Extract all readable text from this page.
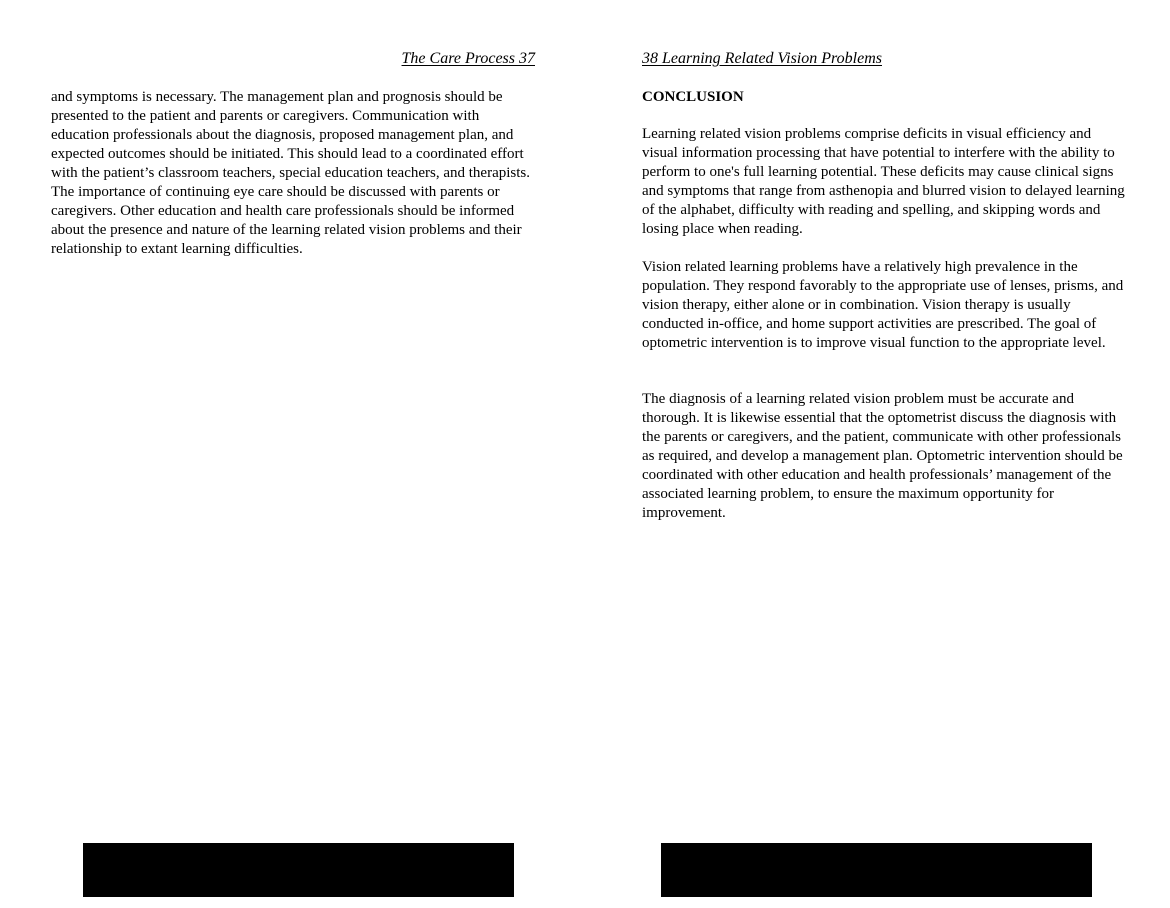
The Care Process 37

and symptoms is necessary. The management plan and prognosis should be presented to the patient and parents or caregivers. Communication with education professionals about the diagnosis, proposed management plan, and expected outcomes should be initiated. This should lead to a coordinated effort with the patient’s classroom teachers, special education teachers, and therapists. The importance of continuing eye care should be discussed with parents or caregivers. Other education and health care professionals should be informed about the presence and nature of the learning related vision problems and their relationship to extant learning difficulties.

38 Learning Related Vision Problems
CONCLUSION

Learning related vision problems comprise deficits in visual efficiency and visual information processing that have potential to interfere with the ability to perform to one's full learning potential. These deficits may cause clinical signs and symptoms that range from asthenopia and blurred vision to delayed learning of the alphabet, difficulty with reading and spelling, and skipping words and losing place when reading.

Vision related learning problems have a relatively high prevalence in the population. They respond favorably to the appropriate use of lenses, prisms, and vision therapy, either alone or in combination. Vision therapy is usually conducted in-office, and home support activities are prescribed. The goal of optometric intervention is to improve visual function to the appropriate level.

The diagnosis of a learning related vision problem must be accurate and thorough. It is likewise essential that the optometrist discuss the diagnosis with the parents or caregivers, and the patient, communicate with other professionals as required, and develop a management plan. Optometric intervention should be coordinated with other education and health professionals’ management of the associated learning problem, to ensure the maximum opportunity for improvement.
